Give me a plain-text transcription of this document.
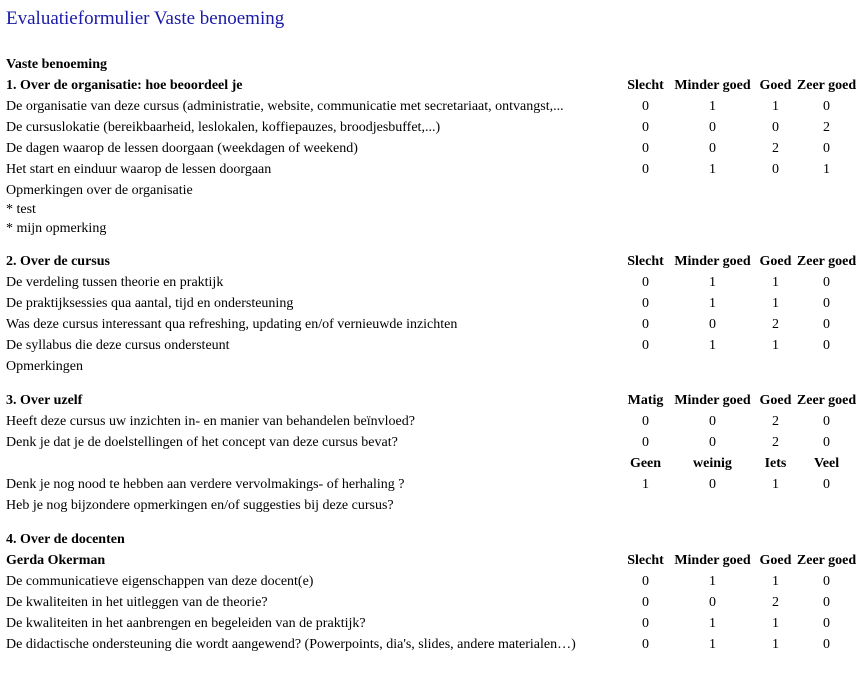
Evaluatieformulier Vaste benoeming
Vaste benoeming				
1. Over de organisatie: hoe beoordeel je	Slecht	Minder goed	Goed	Zeer goed
De organisatie van deze cursus (administratie, website, communicatie met secretariaat, ontvangst,...	0	1	1	0
De cursuslokatie (bereikbaarheid, leslokalen, koffiepauzes, broodjesbuffet,...)	0	0	0	2
De dagen waarop de lessen doorgaan (weekdagen of weekend)	0	0	2	0
Het start en einduur waarop de lessen doorgaan	0	1	0	1

Opmerkingen over de organisatie
* test
* mijn opmerking				

2. Over de cursus	Slecht	Minder goed	Goed	Zeer goed
De verdeling tussen theorie en praktijk	0	1	1	0
De praktijksessies qua aantal, tijd en ondersteuning	0	1	1	0
Was deze cursus interessant qua refreshing, updating en/of vernieuwde inzichten	0	0	2	0
De syllabus die deze cursus ondersteunt	0	1	1	0
Opmerkingen				

3. Over uzelf	Matig	Minder goed	Goed	Zeer goed
Heeft deze cursus uw inzichten in- en manier van behandelen beïnvloed?	0	0	2	0
Denk je dat je de doelstellingen of het concept van deze cursus bevat?	0	0	2	0
	Geen	weinig	Iets	Veel
Denk je nog nood te hebben aan verdere vervolmakings- of herhaling ?	1	0	1	0
Heb je nog bijzondere opmerkingen en/of suggesties bij deze cursus?				

4. Over de docenten				
Gerda Okerman	Slecht	Minder goed	Goed	Zeer goed
De communicatieve eigenschappen van deze docent(e)	0	1	1	0
De kwaliteiten in het uitleggen van de theorie?	0	0	2	0
De kwaliteiten in het aanbrengen en begeleiden van de praktijk?	0	1	1	0
De didactische ondersteuning die wordt aangewend? (Powerpoints, dia's, slides, andere materialen…)	0	1	1	0
